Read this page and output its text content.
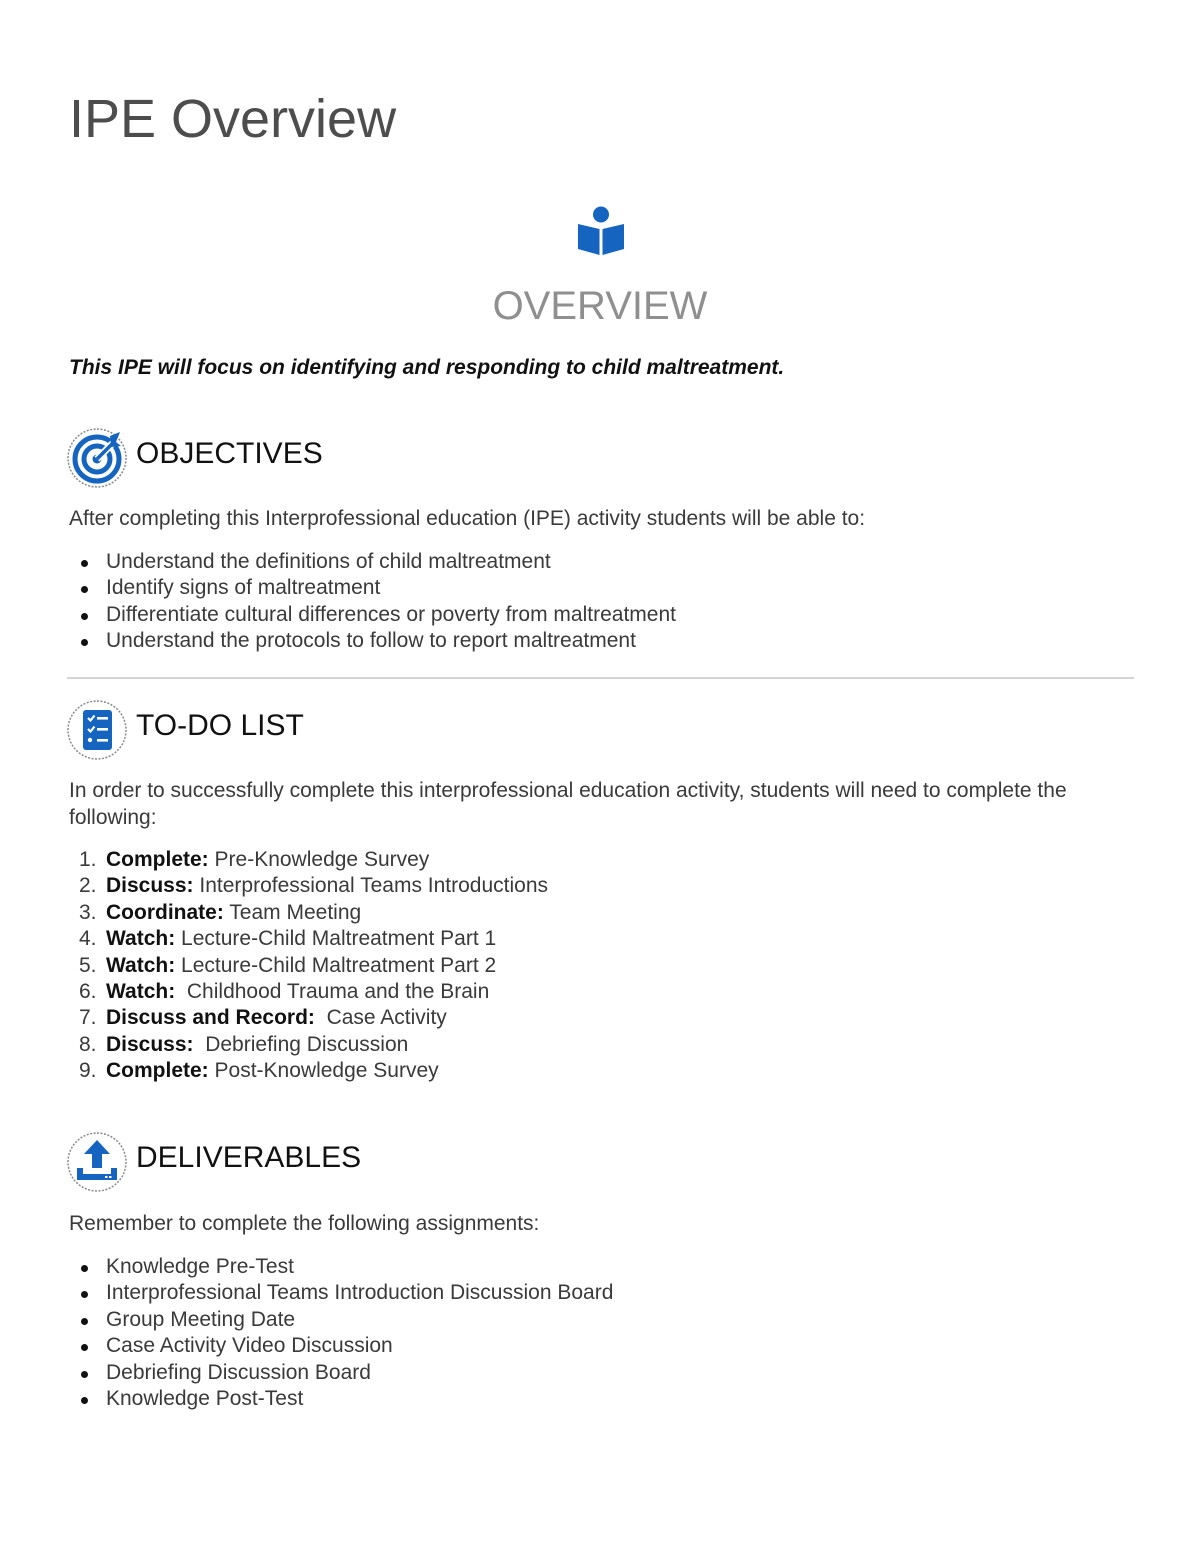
IPE Overview
OVERVIEW

This IPE will focus on identifying and responding to child maltreatment.

OBJECTIVES

After completing this Interprofessional education (IPE) activity students will be able to:

Understand the definitions of child maltreatment
Identify signs of maltreatment
Differentiate cultural differences or poverty from maltreatment
Understand the protocols to follow to report maltreatment
TO-DO LIST

In order to successfully complete this interprofessional education activity, students will need to complete the following:

1. Complete: Pre-Knowledge Survey
2. Discuss: Interprofessional Teams Introductions
3. Coordinate: Team Meeting
4. Watch: Lecture-Child Maltreatment Part 1
5. Watch: Lecture-Child Maltreatment Part 2
6. Watch:  Childhood Trauma and the Brain
7. Discuss and Record:  Case Activity
8. Discuss:  Debriefing Discussion
9. Complete: Post-Knowledge Survey
DELIVERABLES

Remember to complete the following assignments:

Knowledge Pre-Test
Interprofessional Teams Introduction Discussion Board
Group Meeting Date
Case Activity Video Discussion
Debriefing Discussion Board
Knowledge Post-Test
